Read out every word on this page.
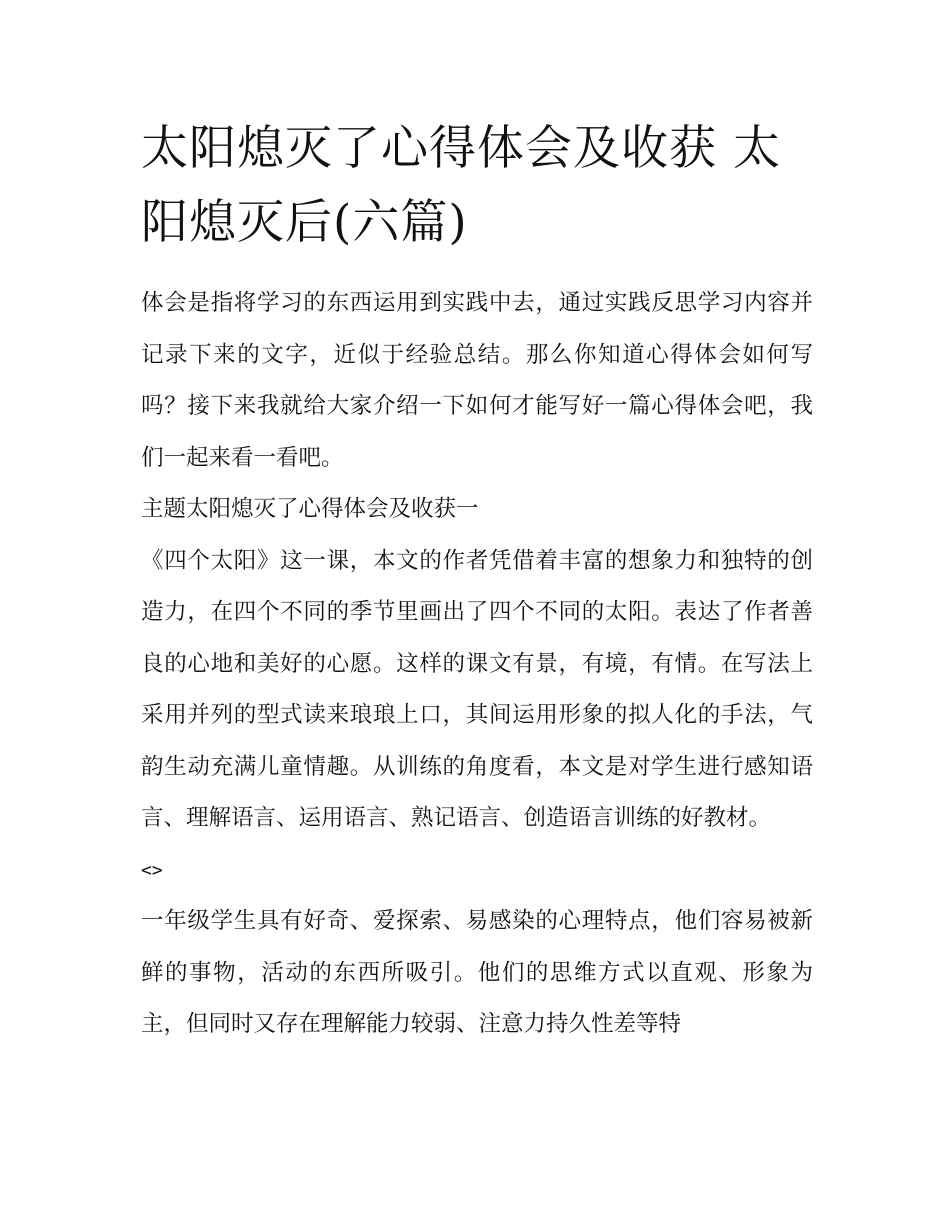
太阳熄灭了心得体会及收获 太阳熄灭后(六篇)

体会是指将学习的东西运用到实践中去，通过实践反思学习内容并记录下来的文字，近似于经验总结。那么你知道心得体会如何写吗？接下来我就给大家介绍一下如何才能写好一篇心得体会吧，我们一起来看一看吧。

主题太阳熄灭了心得体会及收获一

《四个太阳》这一课，本文的作者凭借着丰富的想象力和独特的创造力，在四个不同的季节里画出了四个不同的太阳。表达了作者善良的心地和美好的心愿。这样的课文有景，有境，有情。在写法上采用并列的型式读来琅琅上口，其间运用形象的拟人化的手法，气韵生动充满儿童情趣。从训练的角度看，本文是对学生进行感知语言、理解语言、运用语言、熟记语言、创造语言训练的好教材。

<>

一年级学生具有好奇、爱探索、易感染的心理特点，他们容易被新鲜的事物，活动的东西所吸引。他们的思维方式以直观、形象为主，但同时又存在理解能力较弱、注意力持久性差等特
